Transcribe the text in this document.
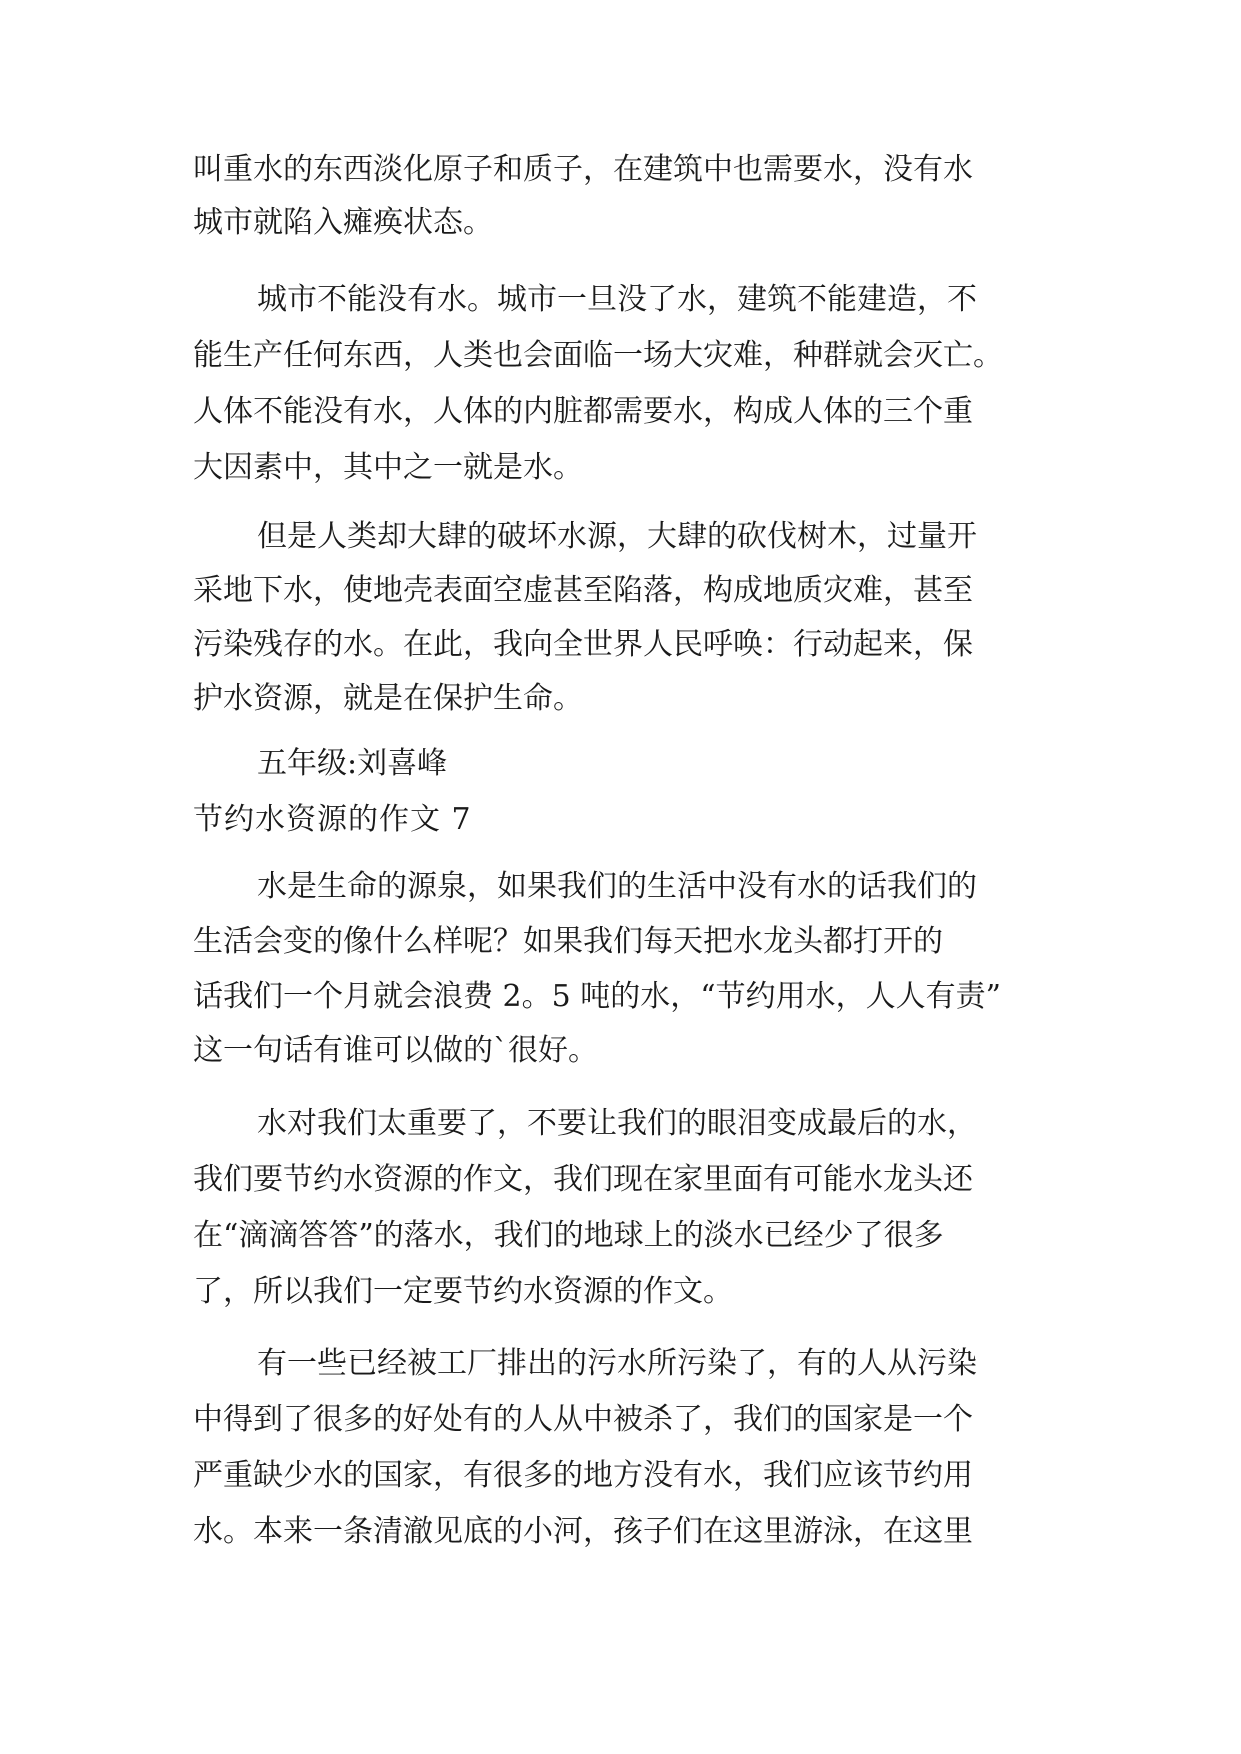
叫重水的东西淡化原子和质子，在建筑中也需要水，没有水
城市就陷入瘫痪状态。
城市不能没有水。城市一旦没了水，建筑不能建造，不
能生产任何东西，人类也会面临一场大灾难，种群就会灭亡。
人体不能没有水，人体的内脏都需要水，构成人体的三个重
大因素中，其中之一就是水。
但是人类却大肆的破坏水源，大肆的砍伐树木，过量开
采地下水，使地壳表面空虚甚至陷落，构成地质灾难，甚至
污染残存的水。在此，我向全世界人民呼唤：行动起来，保
护水资源，就是在保护生命。
五年级:刘喜峰
节约水资源的作文 7
水是生命的源泉，如果我们的生活中没有水的话我们的
生活会变的像什么样呢？如果我们每天把水龙头都打开的
话我们一个月就会浪费 2。5 吨的水，“节约用水，人人有责”
这一句话有谁可以做的`很好。
水对我们太重要了，不要让我们的眼泪变成最后的水，
我们要节约水资源的作文，我们现在家里面有可能水龙头还
在“滴滴答答”的落水，我们的地球上的淡水已经少了很多
了，所以我们一定要节约水资源的作文。
有一些已经被工厂排出的污水所污染了，有的人从污染
中得到了很多的好处有的人从中被杀了，我们的国家是一个
严重缺少水的国家，有很多的地方没有水，我们应该节约用
水。本来一条清澈见底的小河，孩子们在这里游泳，在这里
